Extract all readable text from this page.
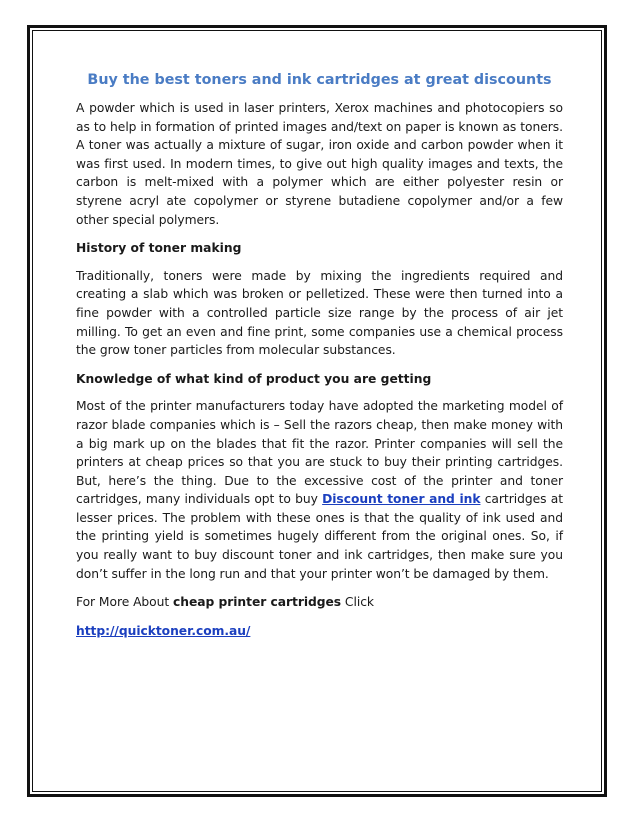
Buy the best toners and ink cartridges at great discounts

A powder which is used in laser printers, Xerox machines and photocopiers so as to help in formation of printed images and/text on paper is known as toners. A toner was actually a mixture of sugar, iron oxide and carbon powder when it was first used. In modern times, to give out high quality images and texts, the carbon is melt-mixed with a polymer which are either polyester resin or styrene acryl ate copolymer or styrene butadiene copolymer and/or a few other special polymers.

History of toner making

Traditionally, toners were made by mixing the ingredients required and creating a slab which was broken or pelletized. These were then turned into a fine powder with a controlled particle size range by the process of air jet milling. To get an even and fine print, some companies use a chemical process the grow toner particles from molecular substances.

Knowledge of what kind of product you are getting

Most of the printer manufacturers today have adopted the marketing model of razor blade companies which is – Sell the razors cheap, then make money with a big mark up on the blades that fit the razor. Printer companies will sell the printers at cheap prices so that you are stuck to buy their printing cartridges. But, here’s the thing. Due to the excessive cost of the printer and toner cartridges, many individuals opt to buy Discount toner and ink cartridges at lesser prices. The problem with these ones is that the quality of ink used and the printing yield is sometimes hugely different from the original ones. So, if you really want to buy discount toner and ink cartridges, then make sure you don’t suffer in the long run and that your printer won’t be damaged by them.

For More About cheap printer cartridges Click

http://quicktoner.com.au/
